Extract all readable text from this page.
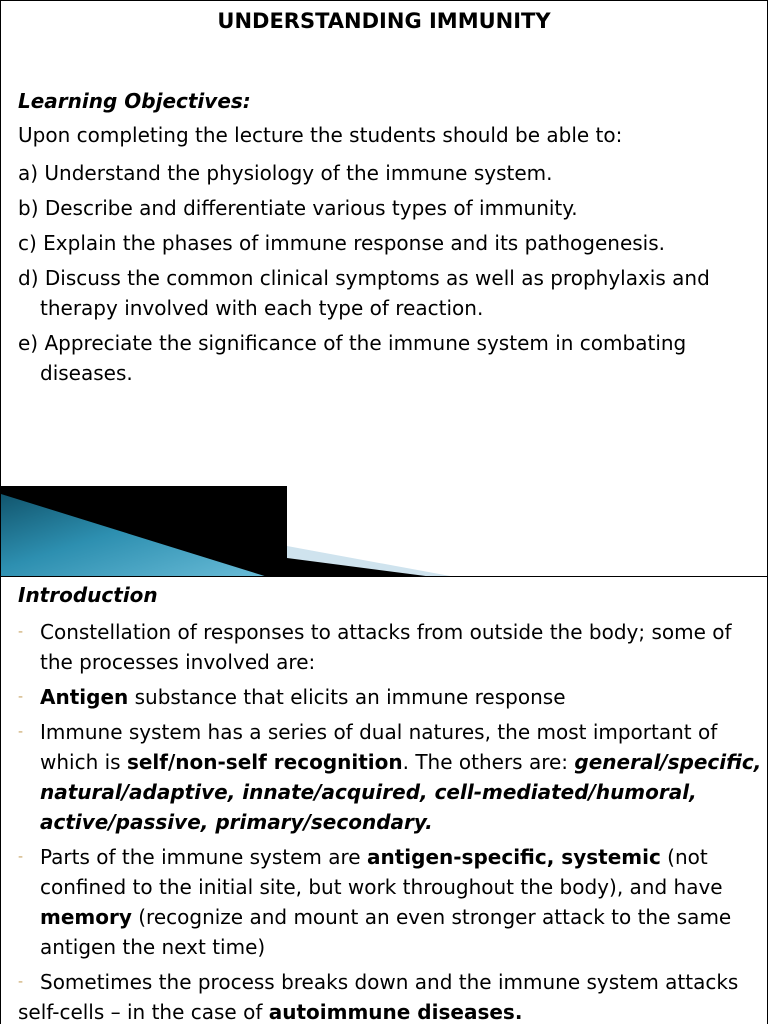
UNDERSTANDING IMMUNITY
Learning Objectives:
Upon completing the lecture the students should be able to:
a) Understand the physiology of the immune system.
b) Describe and differentiate various types of immunity.
c) Explain the phases of immune response and its pathogenesis.
d) Discuss the common clinical symptoms as well as prophylaxis and therapy involved with each type of reaction.
e) Appreciate the significance of the immune system in combating diseases.
Introduction
- Constellation of responses to attacks from outside the body; some of the processes involved are:
- Antigen substance that elicits an immune response
- Immune system has a series of dual natures, the most important of which is self/non-self recognition. The others are: general/specific, natural/adaptive, innate/acquired, cell-mediated/humoral, active/passive, primary/secondary.
- Parts of the immune system are antigen-specific, systemic (not confined to the initial site, but work throughout the body), and have memory (recognize and mount an even stronger attack to the same antigen the next time)
- Sometimes the process breaks down and the immune system attacks
self-cells – in the case of autoimmune diseases.
